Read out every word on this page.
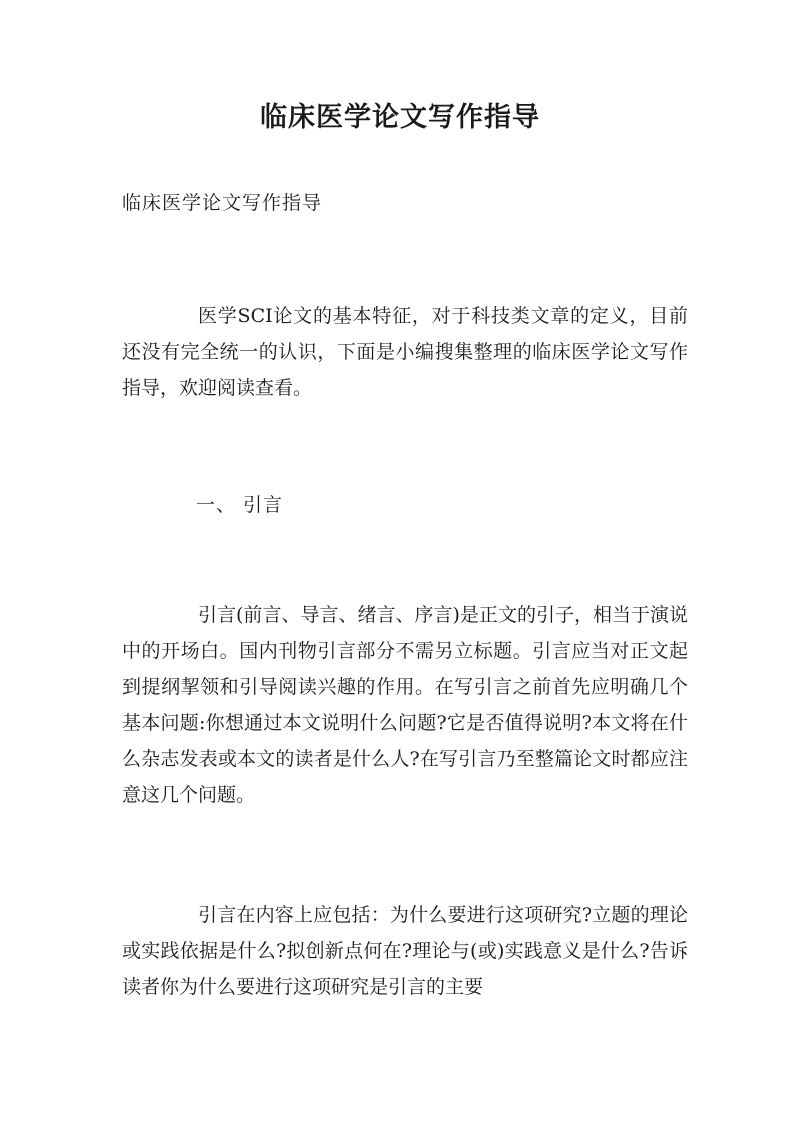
临床医学论文写作指导
临床医学论文写作指导

医学SCI论文的基本特征，对于科技类文章的定义，目前还没有完全统一的认识，下面是小编搜集整理的临床医学论文写作指导，欢迎阅读查看。

一、 引言

引言(前言、导言、绪言、序言)是正文的引子，相当于演说中的开场白。国内刊物引言部分不需另立标题。引言应当对正文起到提纲挈领和引导阅读兴趣的作用。在写引言之前首先应明确几个基本问题:你想通过本文说明什么问题?它是否值得说明?本文将在什么杂志发表或本文的读者是什么人?在写引言乃至整篇论文时都应注意这几个问题。

引言在内容上应包括：为什么要进行这项研究?立题的理论或实践依据是什么?拟创新点何在?理论与(或)实践意义是什么?告诉读者你为什么要进行这项研究是引言的主要
